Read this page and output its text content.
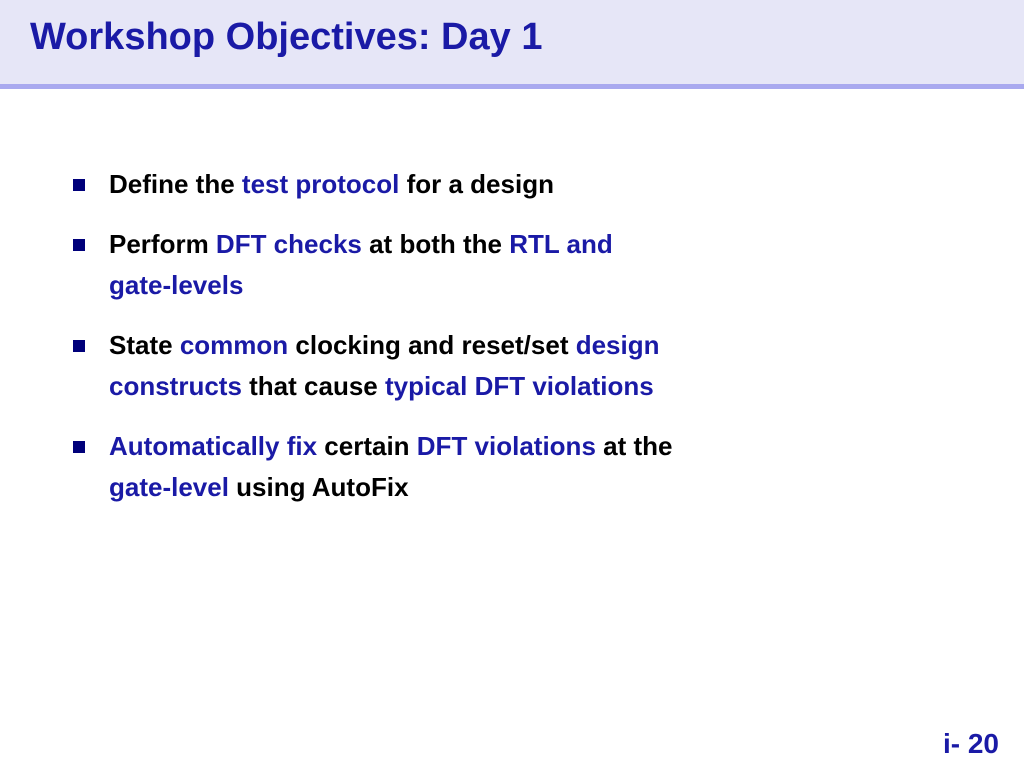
Workshop Objectives: Day 1
Define the test protocol for a design
Perform DFT checks at both the RTL and
gate-levels
State common clocking and reset/set design
constructs that cause typical DFT violations
Automatically fix certain DFT violations at the
gate-level using AutoFix
i- 20
